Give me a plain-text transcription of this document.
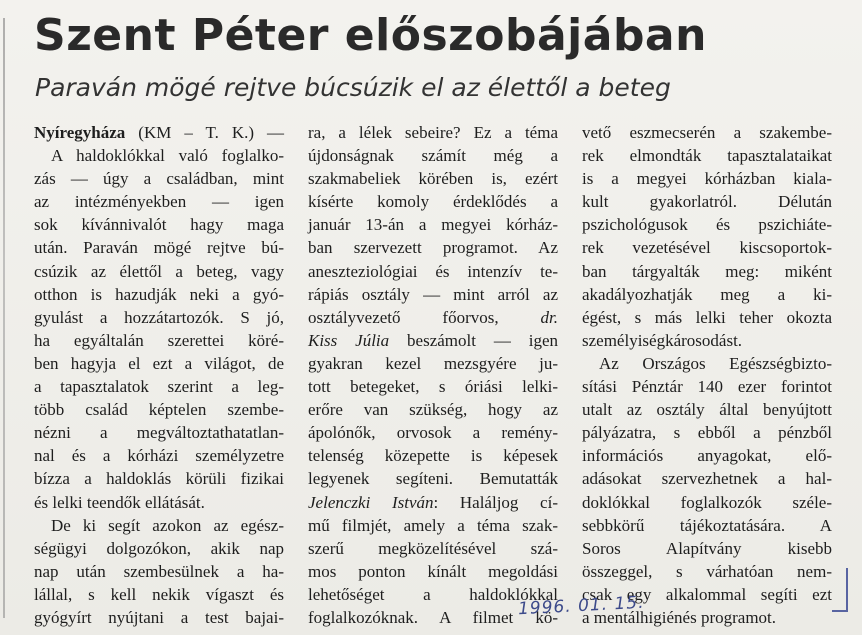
Szent Péter előszobájában
Paraván mögé rejtve búcsúzik el az élettől a beteg

Nyíregyháza (KM – T. K.) —
A haldoklókkal való foglalko-
zás — úgy a családban, mint
az intézményekben — igen
sok kívánnivalót hagy maga
után. Paraván mögé rejtve bú-
csúzik az élettől a beteg, vagy
otthon is hazudják neki a gyó-
gyulást a hozzátartozók. S jó,
ha egyáltalán szerettei köré-
ben hagyja el ezt a világot, de
a tapasztalatok szerint a leg-
több család képtelen szembe-
nézni a megváltoztathatatlan-
nal és a kórházi személyzetre
bízza a haldoklás körüli fizikai
és lelki teendők ellátását.

De ki segít azokon az egész-
ségügyi dolgozókon, akik nap
nap után szembesülnek a ha-
lállal, s kell nekik vígaszt és
gyógyírt nyújtani a test bajai-

ra, a lélek sebeire? Ez a téma
újdonságnak számít még a
szakmabeliek körében is, ezért
kísérte komoly érdeklődés a
január 13-án a megyei kórház-
ban szervezett programot. Az
aneszteziológiai és intenzív te-
rápiás osztály — mint arról az
osztályvezető főorvos, dr.
Kiss Júlia beszámolt — igen
gyakran kezel mezsgyére ju-
tott betegeket, s óriási lelki-
erőre van szükség, hogy az
ápolónők, orvosok a remény-
telenség közepette is képesek
legyenek segíteni. Bemutatták
Jelenczki István: Haláljog cí-
mű filmjét, amely a téma szak-
szerű megközelítésével szá-
mos ponton kínált megoldási
lehetőséget a haldoklókkal
foglalkozóknak. A filmet kö-

vető eszmecserén a szakembe-
rek elmondták tapasztalataikat
is a megyei kórházban kiala-
kult gyakorlatról. Délután
pszichológusok és pszichiáte-
rek vezetésével kiscsoportok-
ban tárgyalták meg: miként
akadályozhatják meg a ki-
égést, s más lelki teher okozta
személyiségkárosodást.

Az Országos Egészségbizto-
sítási Pénztár 140 ezer forintot
utalt az osztály által benyújtott
pályázatra, s ebből a pénzből
információs anyagokat, elő-
adásokat szervezhetnek a hal-
doklókkal foglalkozók széle-
sebbkörű tájékoztatására. A
Soros Alapítvány kisebb
összeggel, s várhatóan nem-
csak egy alkalommal segíti ezt
a mentálhigiénés programot.

1996. 01. 15.
